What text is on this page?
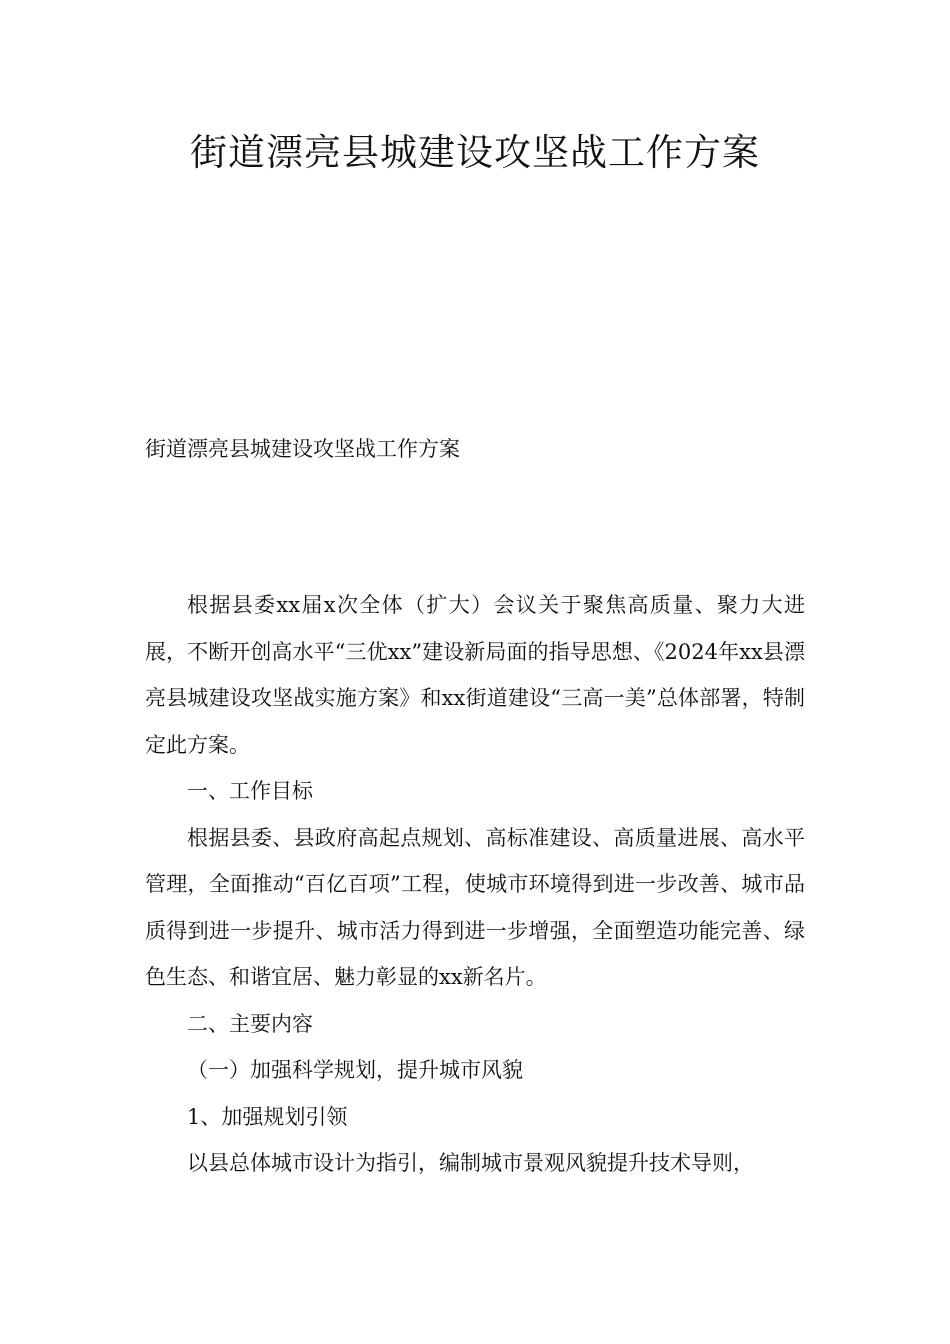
街道漂亮县城建设攻坚战工作方案

街道漂亮县城建设攻坚战工作方案

根据县委xx届x次全体（扩大）会议关于聚焦高质量、聚力大进展，不断开创高水平“三优xx”建设新局面的指导思想、《2024年xx县漂亮县城建设攻坚战实施方案》和xx街道建设“三高一美”总体部署，特制定此方案。

一、工作目标

根据县委、县政府高起点规划、高标准建设、高质量进展、高水平管理，全面推动“百亿百项”工程，使城市环境得到进一步改善、城市品质得到进一步提升、城市活力得到进一步增强，全面塑造功能完善、绿色生态、和谐宜居、魅力彰显的xx新名片。

二、主要内容

（一）加强科学规划，提升城市风貌

1、加强规划引领

以县总体城市设计为指引，编制城市景观风貌提升技术导则，
